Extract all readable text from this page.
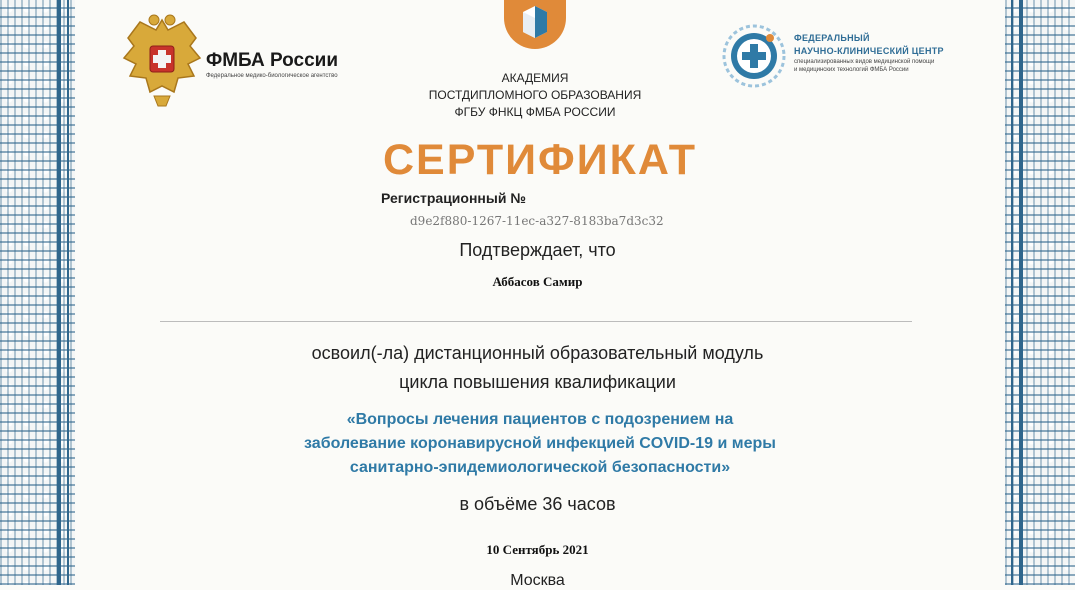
ФМБА России
Федеральное медико-биологическое агентство	АКАДЕМИЯ
ПОСТДИПЛОМНОГО ОБРАЗОВАНИЯ
ФГБУ ФНКЦ ФМБА РОССИИ
ФЕДЕРАЛЬНЫЙ
НАУЧНО-КЛИНИЧЕСКИЙ ЦЕНТР
специализированных видов медицинской помощи
и медицинских технологий ФМБА России
СЕРТИФИКАТ
Регистрационный №
d9e2f880-1267-11ec-a327-8183ba7d3c32
Подтверждает, что
Аббасов Самир
освоил(-ла) дистанционный образовательный модуль
цикла повышения квалификации
«Вопросы лечения пациентов с подозрением на
заболевание коронавирусной инфекцией COVID-19 и меры
санитарно-эпидемиологической безопасности»
в объёме 36 часов
10 Сентябрь 2021
Москва
